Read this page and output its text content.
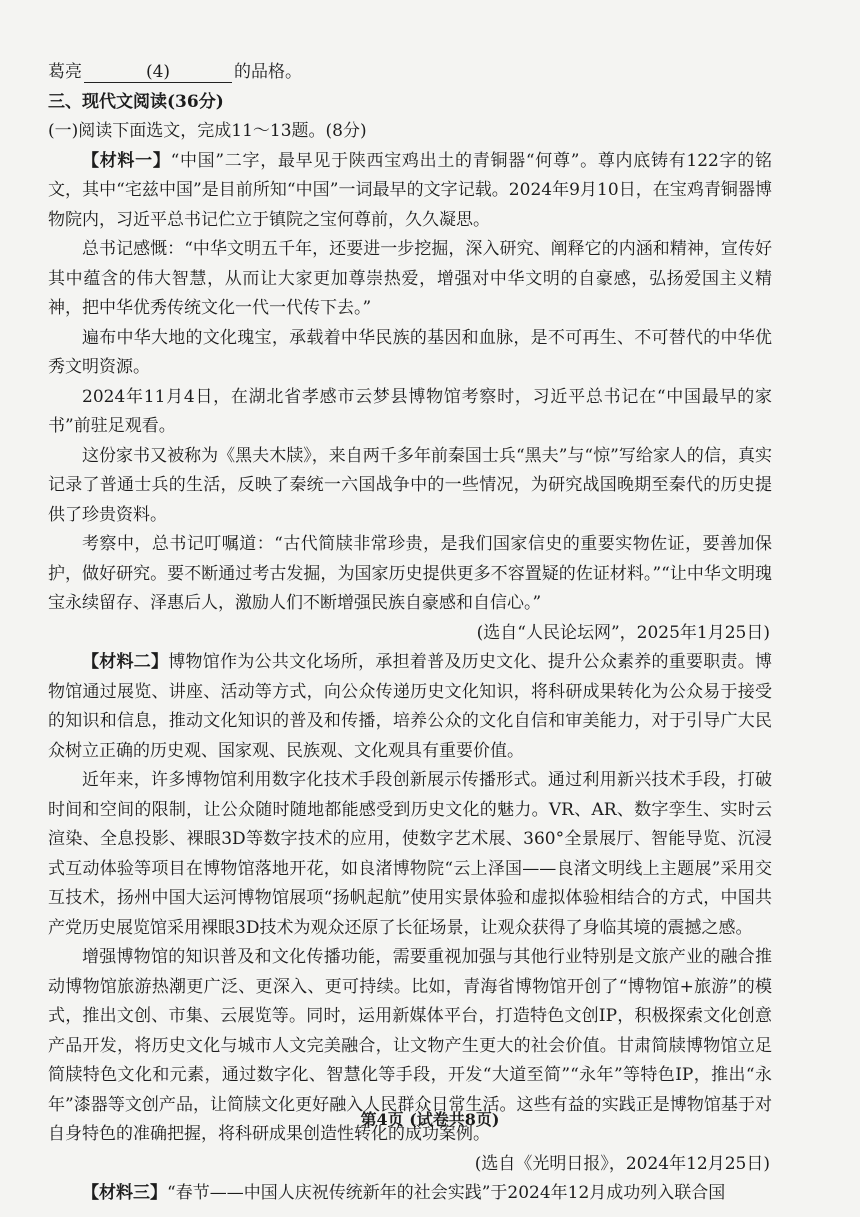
葛亮	(4)	的品格。

三、现代文阅读(36分)

(一)阅读下面选文，完成11～13题。(8分)

【材料一】“中国”二字，最早见于陕西宝鸡出土的青铜器“何尊”。尊内底铸有122字的铭文，其中“宅兹中国”是目前所知“中国”一词最早的文字记载。2024年9月10日，在宝鸡青铜器博物院内，习近平总书记伫立于镇院之宝何尊前，久久凝思。

总书记感慨：“中华文明五千年，还要进一步挖掘，深入研究、阐释它的内涵和精神，宣传好其中蕴含的伟大智慧，从而让大家更加尊崇热爱，增强对中华文明的自豪感，弘扬爱国主义精神，把中华优秀传统文化一代一代传下去。”

遍布中华大地的文化瑰宝，承载着中华民族的基因和血脉，是不可再生、不可替代的中华优秀文明资源。

2024年11月4日，在湖北省孝感市云梦县博物馆考察时，习近平总书记在“中国最早的家书”前驻足观看。

这份家书又被称为《黑夫木牍》，来自两千多年前秦国士兵“黑夫”与“惊”写给家人的信，真实记录了普通士兵的生活，反映了秦统一六国战争中的一些情况，为研究战国晚期至秦代的历史提供了珍贵资料。

考察中，总书记叮嘱道：“古代简牍非常珍贵，是我们国家信史的重要实物佐证，要善加保护，做好研究。要不断通过考古发掘，为国家历史提供更多不容置疑的佐证材料。”“让中华文明瑰宝永续留存、泽惠后人，激励人们不断增强民族自豪感和自信心。”

(选自“人民论坛网”，2025年1月25日)

【材料二】博物馆作为公共文化场所，承担着普及历史文化、提升公众素养的重要职责。博物馆通过展览、讲座、活动等方式，向公众传递历史文化知识，将科研成果转化为公众易于接受的知识和信息，推动文化知识的普及和传播，培养公众的文化自信和审美能力，对于引导广大民众树立正确的历史观、国家观、民族观、文化观具有重要价值。

近年来，许多博物馆利用数字化技术手段创新展示传播形式。通过利用新兴技术手段，打破时间和空间的限制，让公众随时随地都能感受到历史文化的魅力。VR、AR、数字孪生、实时云渲染、全息投影、裸眼3D等数字技术的应用，使数字艺术展、360°全景展厅、智能导览、沉浸式互动体验等项目在博物馆落地开花，如良渚博物院“云上泽国——良渚文明线上主题展”采用交互技术，扬州中国大运河博物馆展项“扬帆起航”使用实景体验和虚拟体验相结合的方式，中国共产党历史展览馆采用裸眼3D技术为观众还原了长征场景，让观众获得了身临其境的震撼之感。

增强博物馆的知识普及和文化传播功能，需要重视加强与其他行业特别是文旅产业的融合推动博物馆旅游热潮更广泛、更深入、更可持续。比如，青海省博物馆开创了“博物馆+旅游”的模式，推出文创、市集、云展览等。同时，运用新媒体平台，打造特色文创IP，积极探索文化创意产品开发，将历史文化与城市人文完美融合，让文物产生更大的社会价值。甘肃简牍博物馆立足简牍特色文化和元素，通过数字化、智慧化等手段，开发“大道至简”“永年”等特色IP，推出“永年”漆器等文创产品，让简牍文化更好融入人民群众日常生活。这些有益的实践正是博物馆基于对自身特色的准确把握，将科研成果创造性转化的成功案例。

(选自《光明日报》，2024年12月25日)

【材料三】“春节——中国人庆祝传统新年的社会实践”于2024年12月成功列入联合国

第4页 (试卷共8页)
